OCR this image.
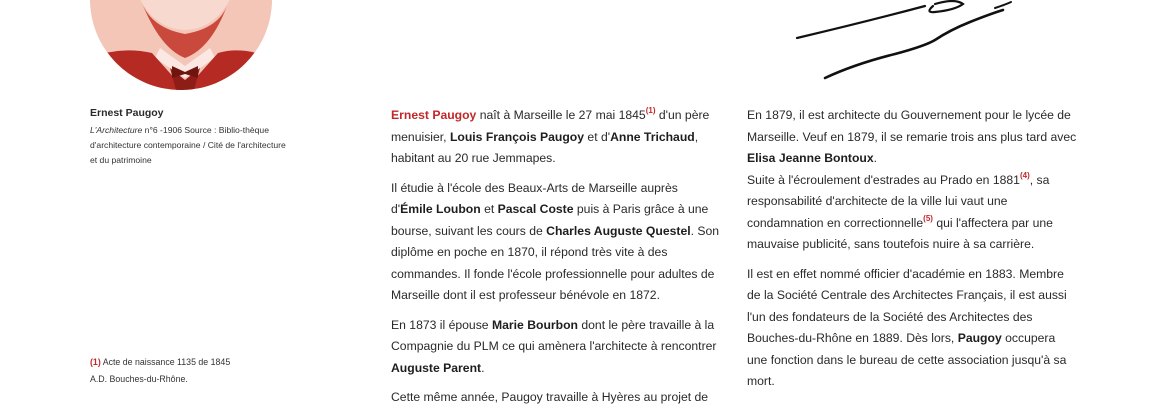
Ernest Paugoy

L'Architecture n°6 -1906 Source : Biblio-thèque d'architecture contemporaine / Cité de l'architecture et du patrimoine

(1) Acte de naissance 1135 de 1845
A.D. Bouches-du-Rhône.

Ernest Paugoy naît à Marseille le 27 mai 1845$^{(1)}$ d'un père menuisier, Louis François Paugoy et d'Anne Trichaud, habitant au 20 rue Jemmapes.

Il étudie à l'école des Beaux-Arts de Marseille auprès d'Émile Loubon et Pascal Coste puis à Paris grâce à une bourse, suivant les cours de Charles Auguste Questel. Son diplôme en poche en 1870, il répond très vite à des commandes. Il fonde l'école professionnelle pour adultes de Marseille dont il est professeur bénévole en 1872.

En 1873 il épouse Marie Bourbon dont le père travaille à la Compagnie du PLM ce qui amènera l'architecte à rencontrer Auguste Parent.

Cette même année, Paugoy travaille à Hyères au projet de

En 1879, il est architecte du Gouvernement pour le lycée de Marseille. Veuf en 1879, il se remarie trois ans plus tard avec Elisa Jeanne Bontoux.

Suite à l'écroulement d'estrades au Prado en 1881$^{(4)}$, sa responsabilité d'architecte de la ville lui vaut une condamnation en correctionnelle$^{(5)}$ qui l'affectera par une mauvaise publicité, sans toutefois nuire à sa carrière.

Il est en effet nommé officier d'académie en 1883. Membre de la Société Centrale des Architectes Français, il est aussi l'un des fondateurs de la Société des Architectes des Bouches-du-Rhône en 1889. Dès lors, Paugoy occupera une fonction dans le bureau de cette association jusqu'à sa mort.
